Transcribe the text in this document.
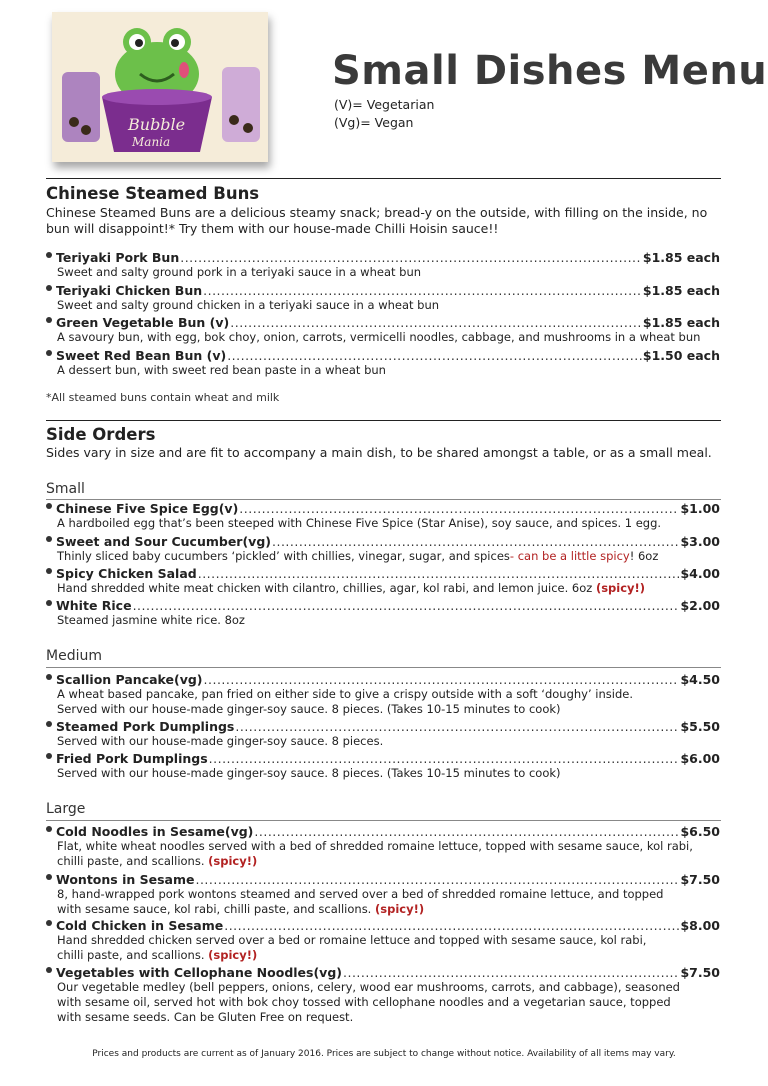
Bubble
Mania
Small Dishes Menu
(V)= Vegetarian
(Vg)= Vegan
Chinese Steamed Buns
Chinese Steamed Buns are a delicious steamy snack; bread-y on the outside, with filling on the inside, no bun will disappoint!* Try them with our house-made Chilli Hoisin sauce!!
Teriyaki Pork Bun .....	$1.85 each
Sweet and salty ground pork in a teriyaki sauce in a wheat bun
Teriyaki Chicken Bun .....	$1.85 each
Sweet and salty ground chicken in a teriyaki sauce in a wheat bun
Green Vegetable Bun (v) .....	$1.85 each
A savoury bun, with egg, bok choy, onion, carrots, vermicelli noodles, cabbage, and mushrooms in a wheat bun
Sweet Red Bean Bun (v) .....	$1.50 each
A dessert bun, with sweet red bean paste in a wheat bun
*All steamed buns contain wheat and milk
Side Orders
Sides vary in size and are fit to accompany a main dish, to be shared amongst a table, or as a small meal.
Small
Chinese Five Spice Egg(v) .....	$1.00
A hardboiled egg that’s been steeped with Chinese Five Spice (Star Anise), soy sauce, and spices. 1 egg.
Sweet and Sour Cucumber(vg) .....	$3.00
Thinly sliced baby cucumbers ‘pickled’ with chillies, vinegar, sugar, and spices- can be a little spicy! 6oz
Spicy Chicken Salad .....	$4.00
Hand shredded white meat chicken with cilantro, chillies, agar, kol rabi, and lemon juice. 6oz (spicy!)
White Rice .....	$2.00
Steamed jasmine white rice. 8oz
Medium
Scallion Pancake(vg) .....	$4.50
A wheat based pancake, pan fried on either side to give a crispy outside with a soft ‘doughy’ inside.
Served with our house-made ginger-soy sauce. 8 pieces. (Takes 10-15 minutes to cook)
Steamed Pork Dumplings .....	$5.50
Served with our house-made ginger-soy sauce. 8 pieces.
Fried Pork Dumplings .....	$6.00
Served with our house-made ginger-soy sauce. 8 pieces. (Takes 10-15 minutes to cook)
Large
Cold Noodles in Sesame(vg) .....	$6.50
Flat, white wheat noodles served with a bed of shredded romaine lettuce, topped with sesame sauce, kol rabi,
chilli paste, and scallions. (spicy!)
Wontons in Sesame .....	$7.50
8, hand-wrapped pork wontons steamed and served over a bed of shredded romaine lettuce, and topped
with sesame sauce, kol rabi, chilli paste, and scallions. (spicy!)
Cold Chicken in Sesame .....	$8.00
Hand shredded chicken served over a bed or romaine lettuce and topped with sesame sauce, kol rabi,
chilli paste, and scallions. (spicy!)
Vegetables with Cellophane Noodles(vg) .....	$7.50
Our vegetable medley (bell peppers, onions, celery, wood ear mushrooms, carrots, and cabbage), seasoned
with sesame oil, served hot with bok choy tossed with cellophane noodles and a vegetarian sauce, topped
with sesame seeds. Can be Gluten Free on request.
Prices and products are current as of January 2016. Prices are subject to change without notice. Availability of all items may vary.
